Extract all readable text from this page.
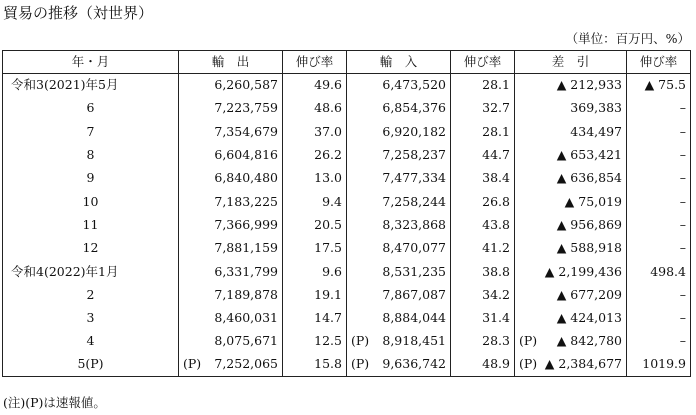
貿易の推移（対世界）
（単位：百万円、%）
年・月	輸　出	伸び率	輸　入	伸び率	差　引	伸び率
令和3(2021)年5月	6,260,587	49.6	6,473,520	28.1	▲ 212,933	▲ 75.5
6	7,223,759	48.6	6,854,376	32.7	369,383	–
7	7,354,679	37.0	6,920,182	28.1	434,497	–
8	6,604,816	26.2	7,258,237	44.7	▲ 653,421	–
9	6,840,480	13.0	7,477,334	38.4	▲ 636,854	–
10	7,183,225	9.4	7,258,244	26.8	▲ 75,019	–
11	7,366,999	20.5	8,323,868	43.8	▲ 956,869	–
12	7,881,159	17.5	8,470,077	41.2	▲ 588,918	–
令和4(2022)年1月	6,331,799	9.6	8,531,235	38.8	▲ 2,199,436	498.4
2	7,189,878	19.1	7,867,087	34.2	▲ 677,209	–
3	8,460,031	14.7	8,884,044	31.4	▲ 424,013	–
4	8,075,671	12.5	(P) 8,918,451	28.3	(P) ▲ 842,780	–
5(P)	(P) 7,252,065	15.8	(P) 9,636,742	48.9	(P) ▲ 2,384,677	1019.9
(注)(P)は速報値。
